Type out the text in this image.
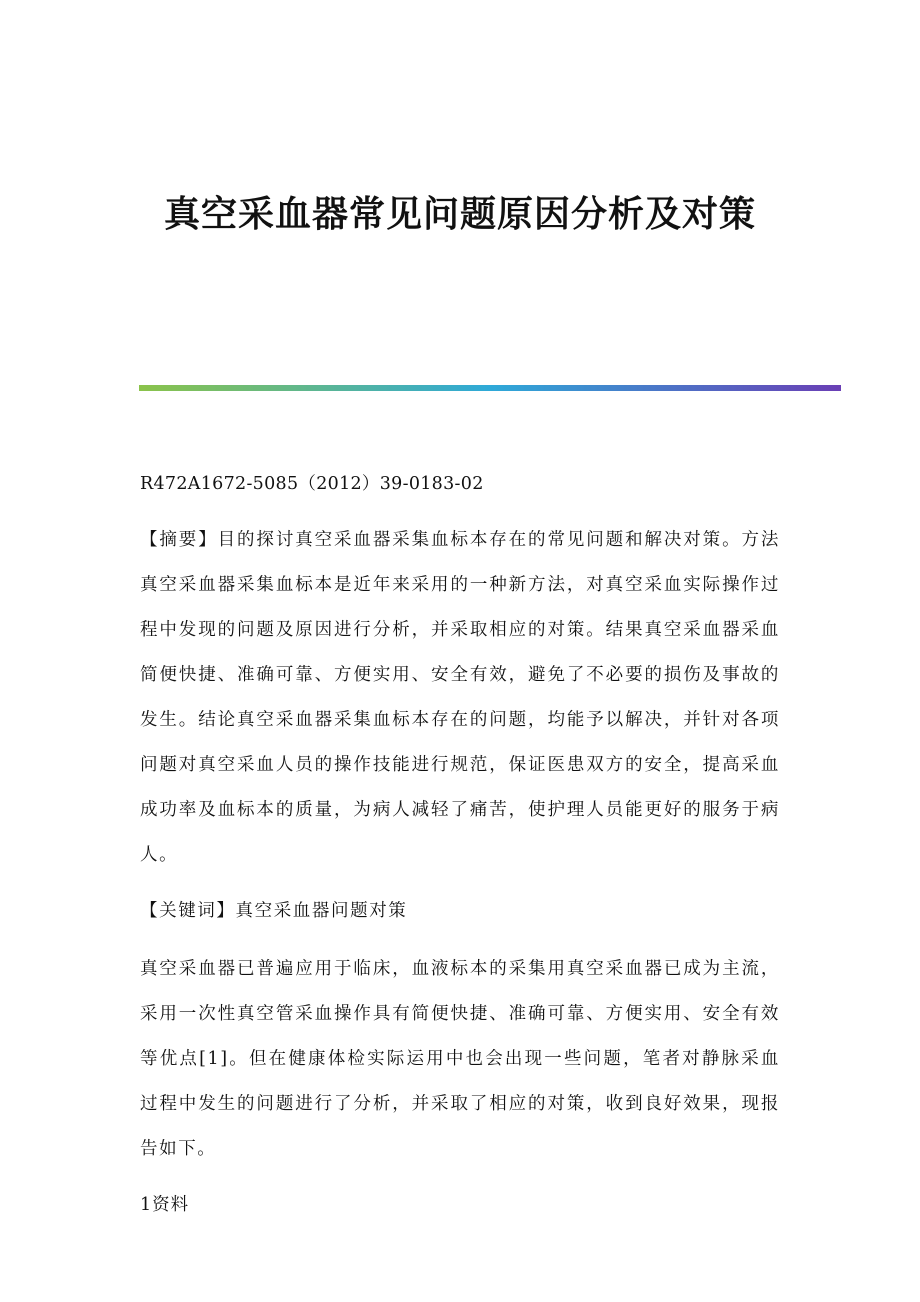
真空采血器常见问题原因分析及对策

R472A1672-5085（2012）39-0183-02

【摘要】目的探讨真空采血器采集血标本存在的常见问题和解决对策。方法真空采血器采集血标本是近年来采用的一种新方法，对真空采血实际操作过程中发现的问题及原因进行分析，并采取相应的对策。结果真空采血器采血简便快捷、准确可靠、方便实用、安全有效，避免了不必要的损伤及事故的发生。结论真空采血器采集血标本存在的问题，均能予以解决，并针对各项问题对真空采血人员的操作技能进行规范，保证医患双方的安全，提高采血成功率及血标本的质量，为病人减轻了痛苦，使护理人员能更好的服务于病人。

【关键词】真空采血器问题对策

真空采血器已普遍应用于临床，血液标本的采集用真空采血器已成为主流，采用一次性真空管采血操作具有简便快捷、准确可靠、方便实用、安全有效等优点[1]。但在健康体检实际运用中也会出现一些问题，笔者对静脉采血过程中发生的问题进行了分析，并采取了相应的对策，收到良好效果，现报告如下。

1资料
